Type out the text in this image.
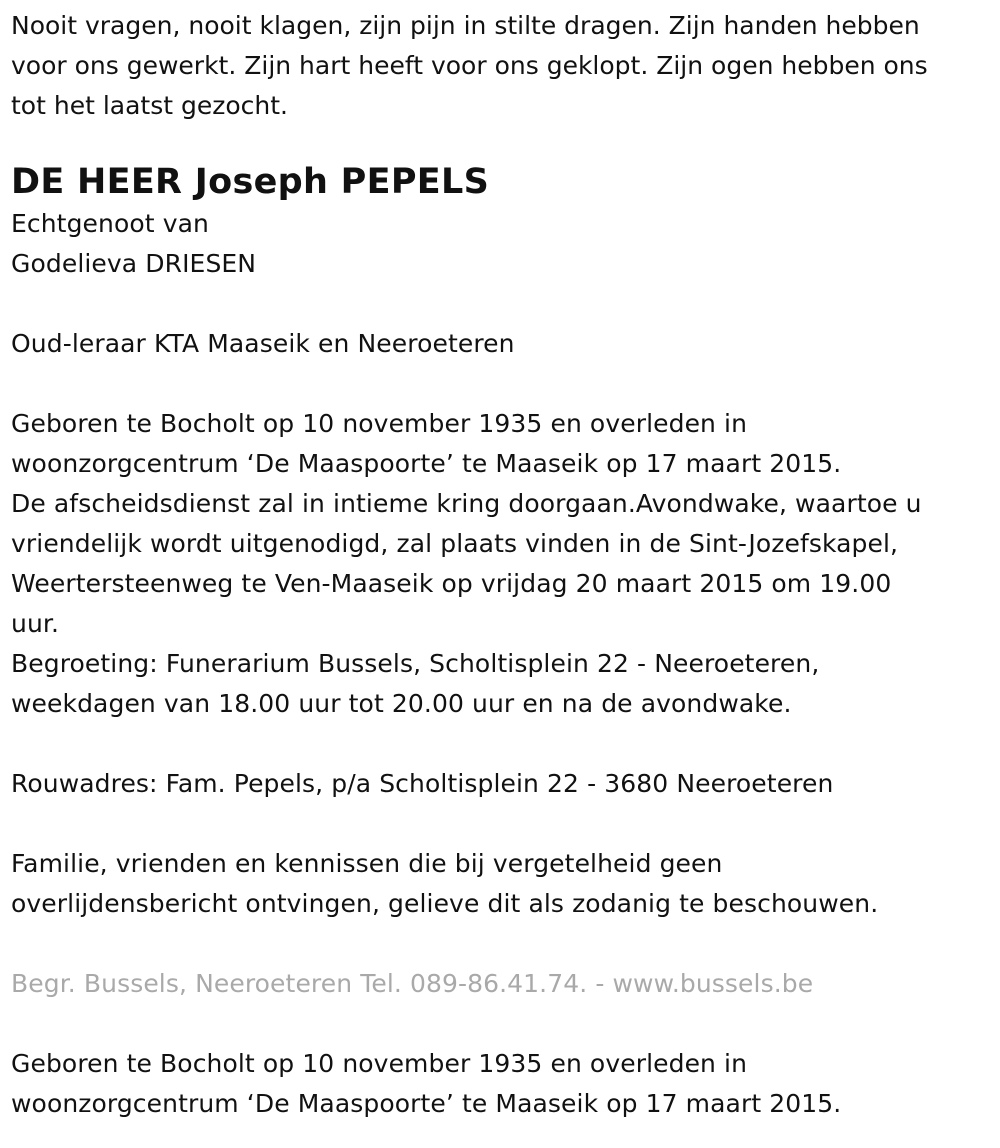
Nooit vragen, nooit klagen, zijn pijn in stilte dragen. Zijn handen hebben
voor ons gewerkt. Zijn hart heeft voor ons geklopt. Zijn ogen hebben ons
tot het laatst gezocht.

DE HEER Joseph PEPELS

Echtgenoot van
Godelieva DRIESEN

Oud-leraar KTA Maaseik en Neeroeteren

Geboren te Bocholt op 10 november 1935 en overleden in
woonzorgcentrum ‘De Maaspoorte’ te Maaseik op 17 maart 2015.
De afscheidsdienst zal in intieme kring doorgaan.Avondwake, waartoe u
vriendelijk wordt uitgenodigd, zal plaats vinden in de Sint-Jozefskapel,
Weertersteenweg te Ven-Maaseik op vrijdag 20 maart 2015 om 19.00
uur.
Begroeting: Funerarium Bussels, Scholtisplein 22 - Neeroeteren,
weekdagen van 18.00 uur tot 20.00 uur en na de avondwake.

Rouwadres: Fam. Pepels, p/a Scholtisplein 22 - 3680 Neeroeteren

Familie, vrienden en kennissen die bij vergetelheid geen
overlijdensbericht ontvingen, gelieve dit als zodanig te beschouwen.

Begr. Bussels, Neeroeteren Tel. 089-86.41.74. - www.bussels.be

Geboren te Bocholt op 10 november 1935 en overleden in
woonzorgcentrum ‘De Maaspoorte’ te Maaseik op 17 maart 2015.
